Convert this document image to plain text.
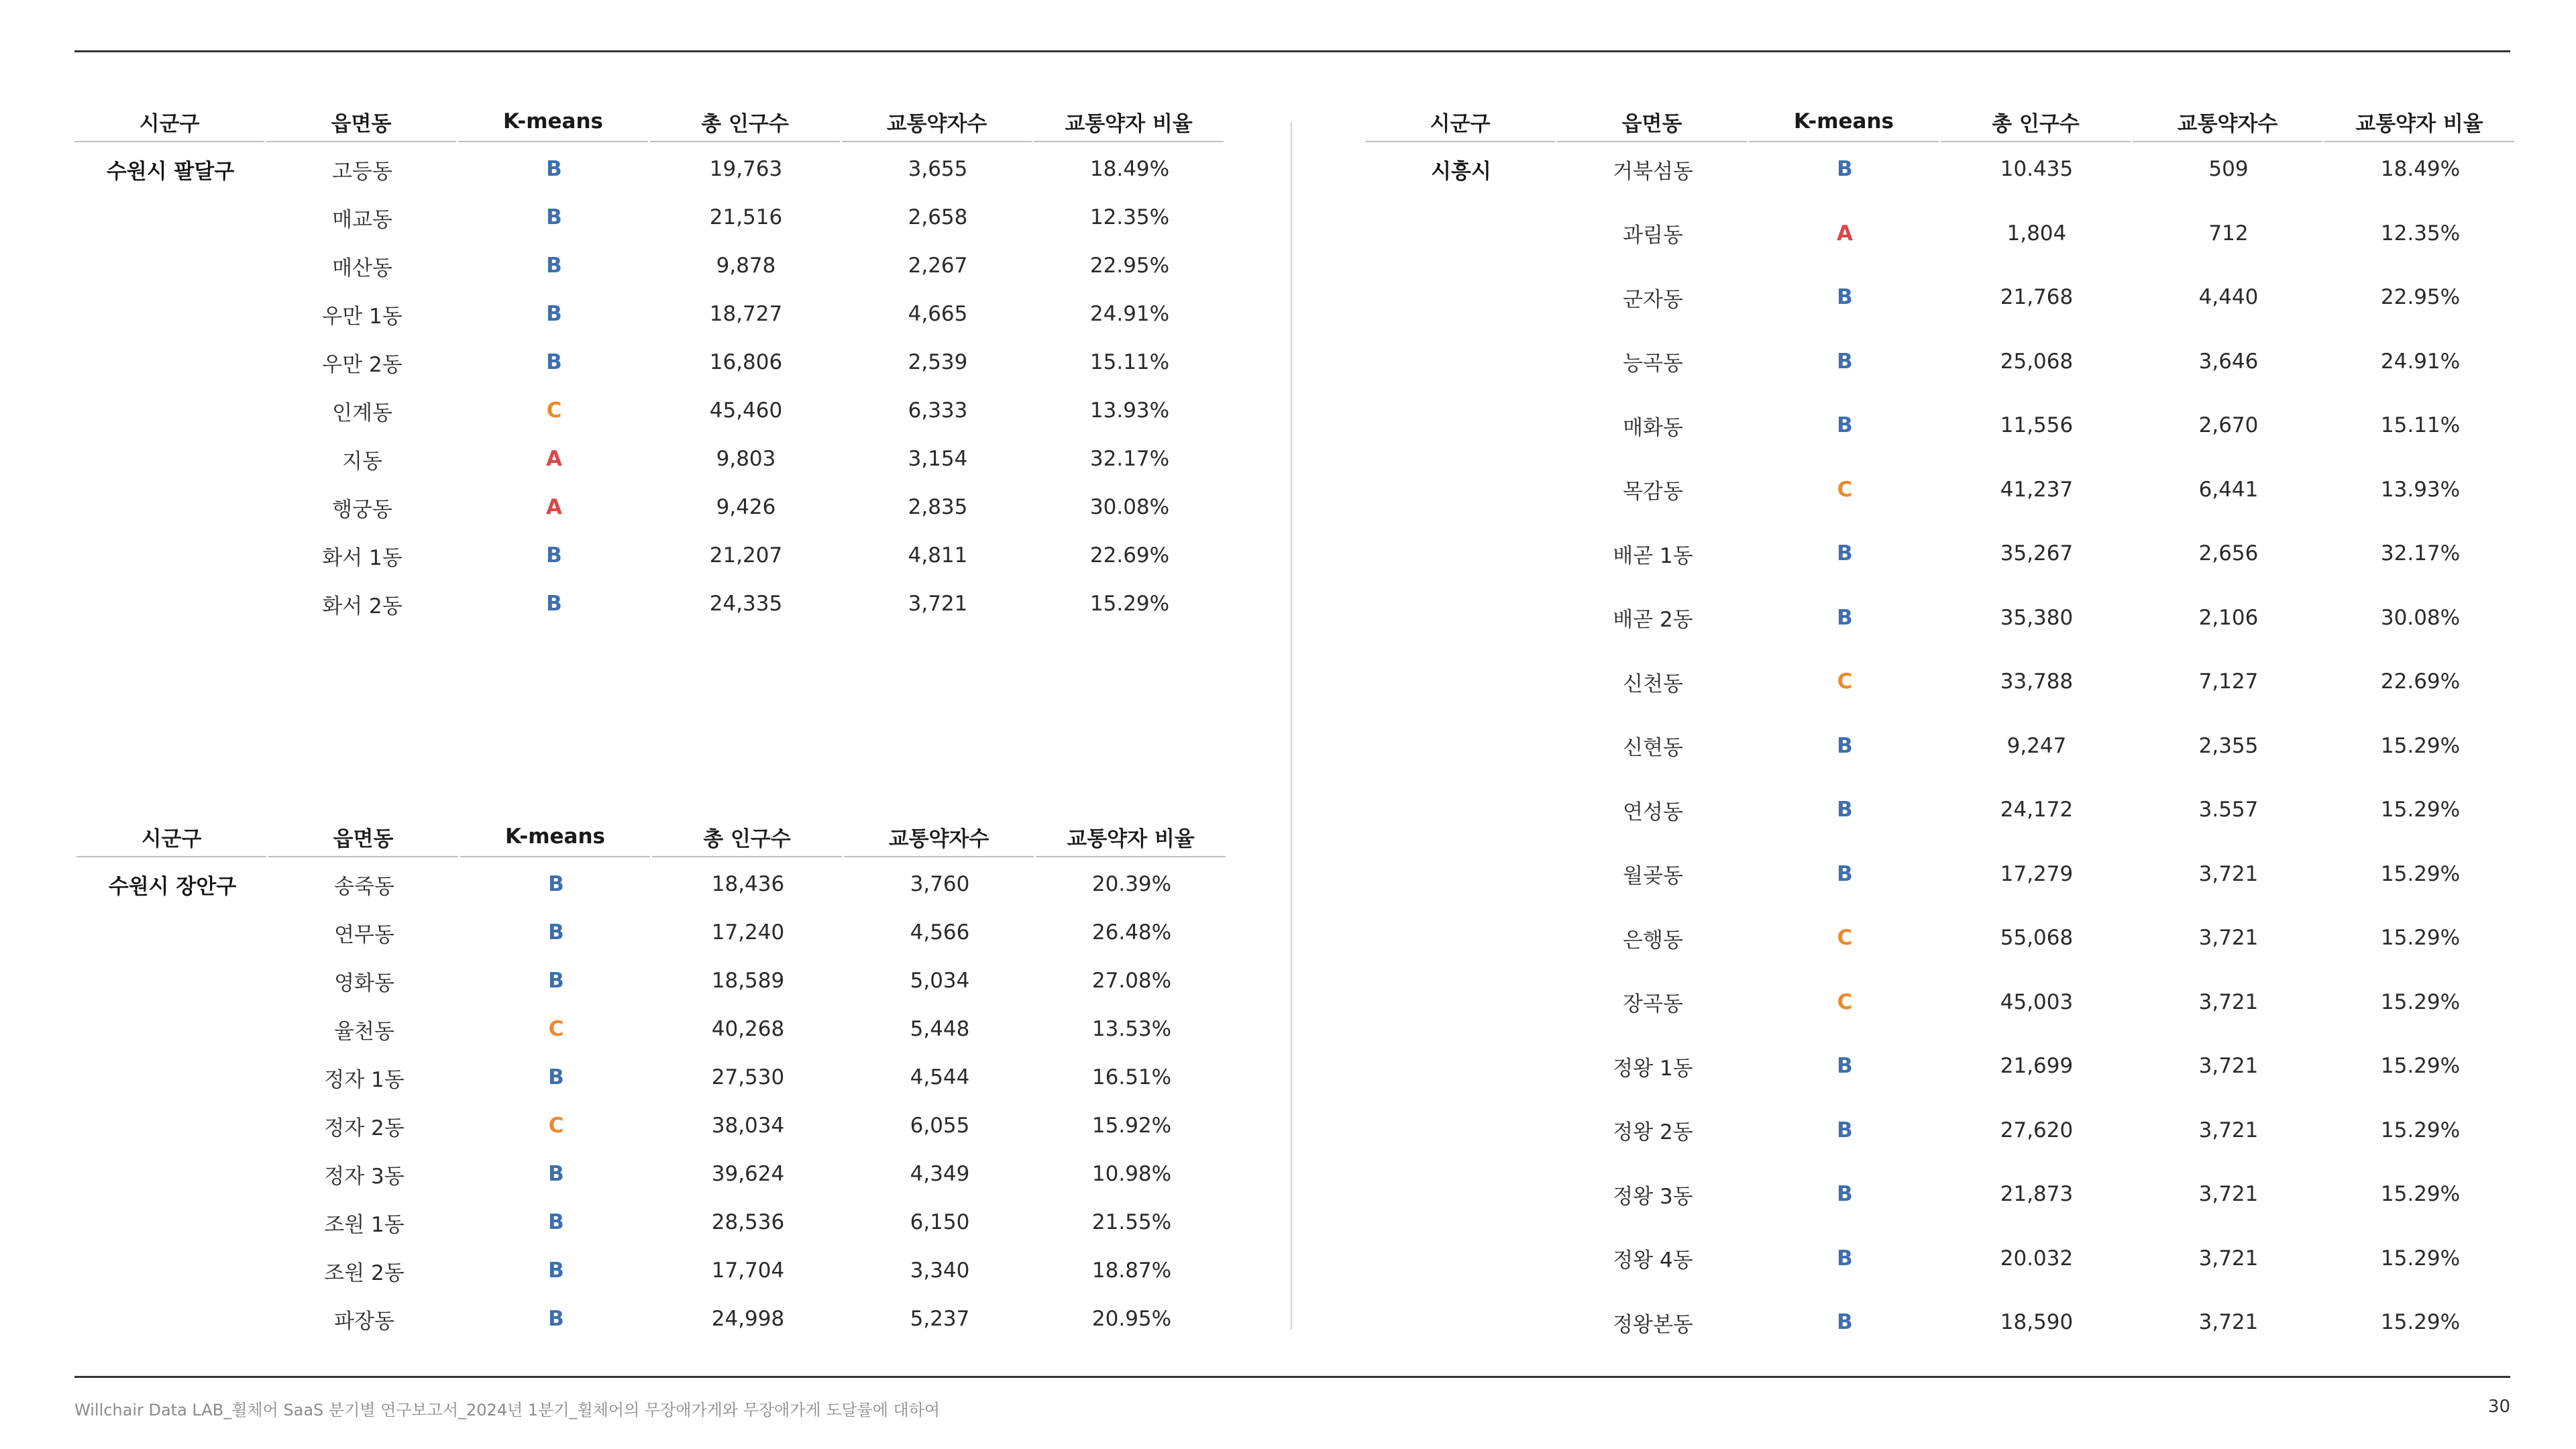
시군구	읍면동	K-means	총 인구수	교통약자수	교통약자 비율
수원시 팔달구	고등동	B	19,763	3,655	18.49%
매교동	B	21,516	2,658	12.35%
매산동	B	9,878	2,267	22.95%
우만 1동	B	18,727	4,665	24.91%
우만 2동	B	16,806	2,539	15.11%
인계동	C	45,460	6,333	13.93%
지동	A	9,803	3,154	32.17%
행궁동	A	9,426	2,835	30.08%
화서 1동	B	21,207	4,811	22.69%
화서 2동	B	24,335	3,721	15.29%
시군구	읍면동	K-means	총 인구수	교통약자수	교통약자 비율
수원시 장안구	송죽동	B	18,436	3,760	20.39%
연무동	B	17,240	4,566	26.48%
영화동	B	18,589	5,034	27.08%
율천동	C	40,268	5,448	13.53%
정자 1동	B	27,530	4,544	16.51%
정자 2동	C	38,034	6,055	15.92%
정자 3동	B	39,624	4,349	10.98%
조원 1동	B	28,536	6,150	21.55%
조원 2동	B	17,704	3,340	18.87%
파장동	B	24,998	5,237	20.95%
시군구	읍면동	K-means	총 인구수	교통약자수	교통약자 비율
시흥시	거북섬동	B	10.435	509	18.49%
과림동	A	1,804	712	12.35%
군자동	B	21,768	4,440	22.95%
능곡동	B	25,068	3,646	24.91%
매화동	B	11,556	2,670	15.11%
목감동	C	41,237	6,441	13.93%
배곧 1동	B	35,267	2,656	32.17%
배곧 2동	B	35,380	2,106	30.08%
신천동	C	33,788	7,127	22.69%
신현동	B	9,247	2,355	15.29%
연성동	B	24,172	3.557	15.29%
월곶동	B	17,279	3,721	15.29%
은행동	C	55,068	3,721	15.29%
장곡동	C	45,003	3,721	15.29%
정왕 1동	B	21,699	3,721	15.29%
정왕 2동	B	27,620	3,721	15.29%
정왕 3동	B	21,873	3,721	15.29%
정왕 4동	B	20.032	3,721	15.29%
정왕본동	B	18,590	3,721	15.29%
Willchair Data LAB_휠체어 SaaS 분기별 연구보고서_2024년 1분기_휠체어의 무장애가게와 무장애가게 도달률에 대하여	30
